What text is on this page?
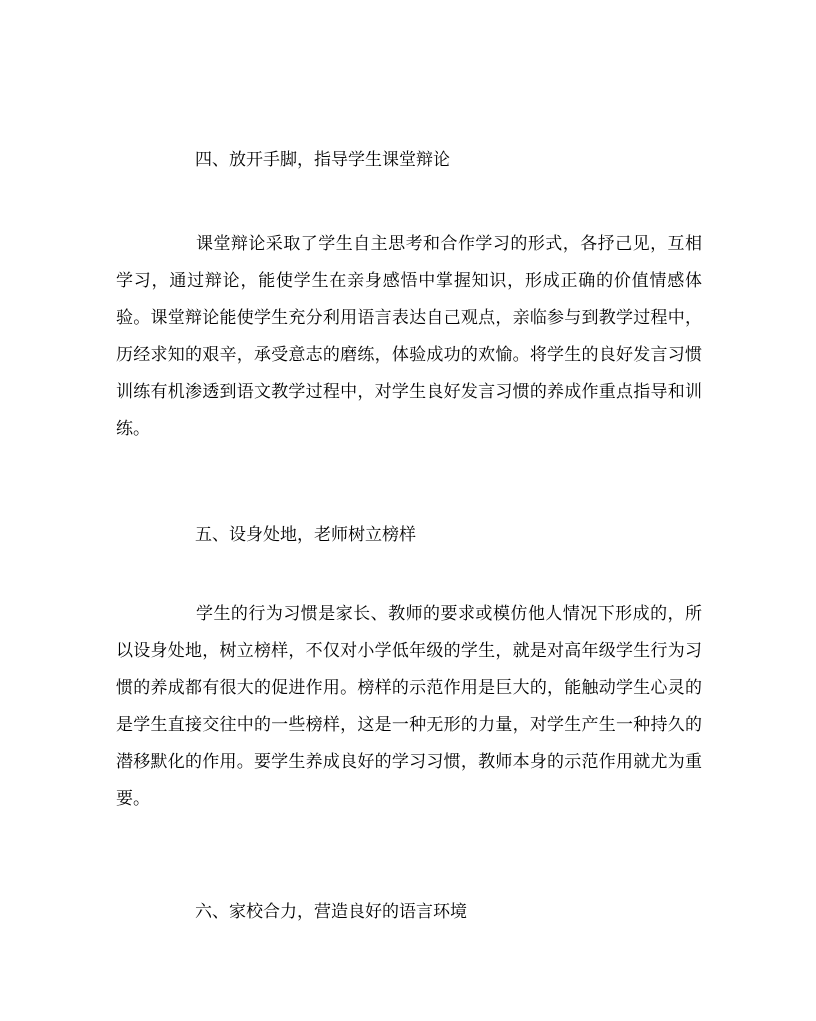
四、放开手脚，指导学生课堂辩论
课堂辩论采取了学生自主思考和合作学习的形式，各抒己见，互相学习，通过辩论，能使学生在亲身感悟中掌握知识，形成正确的价值情感体验。课堂辩论能使学生充分利用语言表达自己观点，亲临参与到教学过程中，历经求知的艰辛，承受意志的磨练，体验成功的欢愉。将学生的良好发言习惯训练有机渗透到语文教学过程中，对学生良好发言习惯的养成作重点指导和训练。
五、设身处地，老师树立榜样
学生的行为习惯是家长、教师的要求或模仿他人情况下形成的，所以设身处地，树立榜样，不仅对小学低年级的学生，就是对高年级学生行为习惯的养成都有很大的促进作用。榜样的示范作用是巨大的，能触动学生心灵的是学生直接交往中的一些榜样，这是一种无形的力量，对学生产生一种持久的潜移默化的作用。要学生养成良好的学习习惯，教师本身的示范作用就尤为重要。
六、家校合力，营造良好的语言环境
